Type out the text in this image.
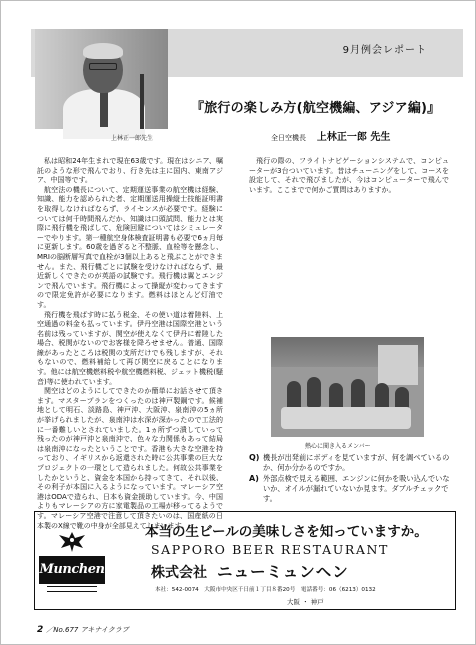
9月例会レポート
上林正一郎先生
『旅行の楽しみ方(航空機編、アジア編)』
全日空機長 上林正一郎 先生

私は昭和24年生まれで現在63歳です。現在はシニア、嘱託のような形で飛んでおり、行き先は主に国内、東南アジア、中国等です。

航空法の機長について、定期運送事業の航空機は経験、知識、能力を認められた者、定期運送用操縦士技能証明書を取得しなければならず、ライセンスが必要です。経験については何千時間飛んだか、知識は口頭試問、能力とは実際に飛行機を飛ばして、危険回避についてはシミュレーターでやります。第一種航空身体検査証明書も必要で6ヵ月毎に更新します。60歳を過ぎると不整脈、血栓等を懸念し、MRIの脳断層写真で血栓が3個以上あると飛ぶことができません。また、飛行機ごとに試験を受けなければならず、最近新しくできたのが英語の試験です。飛行機は翼とエンジンで飛んでいます。飛行機によって操縦が変わってきますので限定免許が必要になります。燃料はほとんど灯油です。

飛行機を飛ばす時に払う税金、その使い道は着陸料、上空通過の料金も払っています。伊丹空港は国際空港という名前は残っていますが、関空が使えなくて伊丹に着陸した場合、税関がないのでお客様を降ろせません。普通、国際線があったところは税関の支所だけでも残しますが、それもないので、燃料補給して再び関空に戻ることになります。他には航空機燃料税や航空機燃料税、ジェット機税(騒音)等に使われています。

関空はどのようにしてできたのか簡単にお話させて頂きます。マスタープランをつくったのは神戸製鋼です。候補地として明石、淡路島、神戸沖、大阪沖、泉南沖の5ヵ所が挙げられましたが、泉南沖は水深が深かったので工法的に一番難しいとされていました。1ヵ所ずつ潰していって残ったのが神戸沖と泉南沖で、色々な力関係もあって結局は泉南沖になったということです。香港も大きな空港を持っており、イギリスから返還された時に公共事業の巨大なプロジェクトの一環として造られました。何故公共事業をしたかというと、資金を本国から持ってきて、それ以後、その利子が本国に入るようになっています。マレーシア空港はODAで造られ、日本も資金援助しています。今、中国よりもマレーシアの方に家電製品の工場が移ってるようです。マレーシア空港で注意して頂きたいのは、国産紙の日本製のX線で靴の中身が全部見えてしまいます。

飛行の際の、フライトナビゲーションシステムで、コンピューターが3台ついています。昔はチューニングをして、コースを設定して、それで飛びましたが、今はコンピューターで飛んでいます。ここまでで何かご質問はありますか。

熱心に聞き入るメンバー
Q) 機長が出発前にボディを見ていますが、何を調べているのか、何か分かるのですか。
A) 外部点検で見える範囲、エンジンに何かを吸い込んでいないか、オイルが漏れていないか見ます。ダブルチェックです。
Munchen
本当の生ビールの美味しさを知っていますか。
SAPPORO BEER RESTAURANT
株式会社 ニューミュンヘン
本社：542-0074　大阪市中央区千日前１丁目８番20号　電話番号：06（6213）0132
大阪 ・ 神戸
2 ／No.677 アキナイクラブ
